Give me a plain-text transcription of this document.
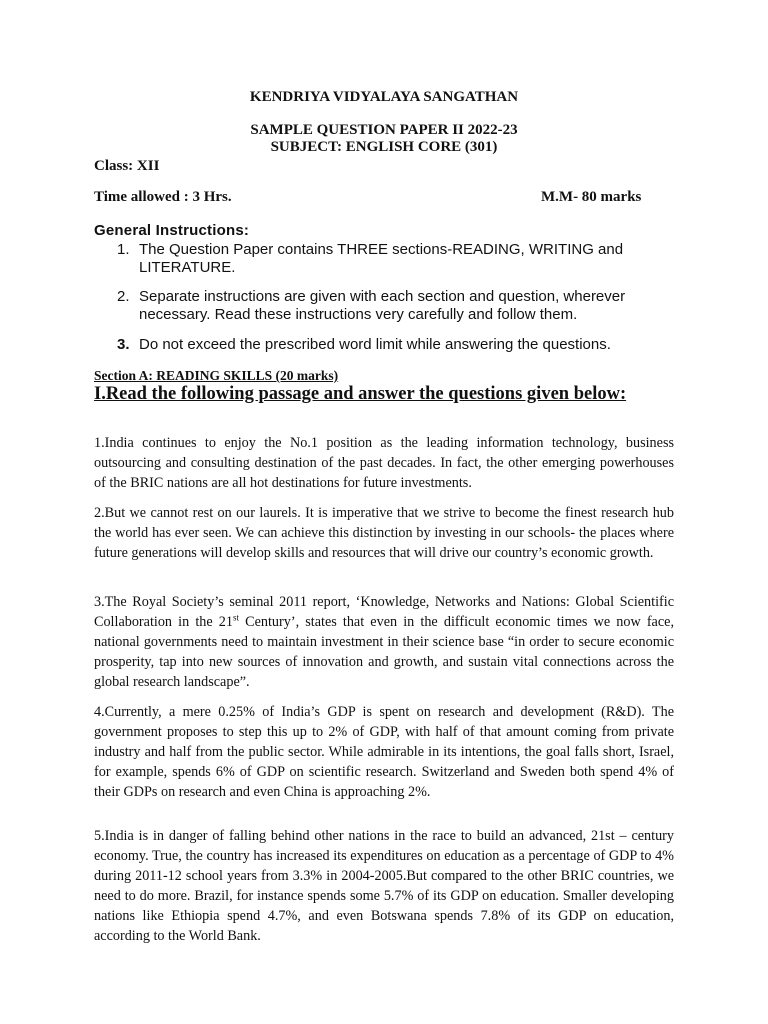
KENDRIYA VIDYALAYA SANGATHAN
SAMPLE QUESTION PAPER II 2022-23
SUBJECT: ENGLISH CORE (301)
Class: XII
Time allowed : 3 Hrs.	M.M- 80 marks
General Instructions:
1. The Question Paper contains THREE sections-READING, WRITING and LITERATURE.
2. Separate instructions are given with each section and question, wherever necessary. Read these instructions very carefully and follow them.
3. Do not exceed the prescribed word limit while answering the questions.
Section A: READING SKILLS (20 marks)
I.Read the following passage and answer the questions given below:

1.India continues to enjoy the No.1 position as the leading information technology, business outsourcing and consulting destination of the past decades. In fact, the other emerging powerhouses of the BRIC nations are all hot destinations for future investments.

2.But we cannot rest on our laurels. It is imperative that we strive to become the finest research hub the world has ever seen. We can achieve this distinction by investing in our schools- the places where future generations will develop skills and resources that will drive our country’s economic growth.

3.The Royal Society’s seminal 2011 report, ‘Knowledge, Networks and Nations: Global Scientific Collaboration in the 21st Century’, states that even in the difficult economic times we now face, national governments need to maintain investment in their science base “in order to secure economic prosperity, tap into new sources of innovation and growth, and sustain vital connections across the global research landscape”.

4.Currently, a mere 0.25% of India’s GDP is spent on research and development (R&D). The government proposes to step this up to 2% of GDP, with half of that amount coming from private industry and half from the public sector. While admirable in its intentions, the goal falls short, Israel, for example, spends 6% of GDP on scientific research. Switzerland and Sweden both spend 4% of their GDPs on research and even China is approaching 2%.

5.India is in danger of falling behind other nations in the race to build an advanced, 21st – century economy. True, the country has increased its expenditures on education as a percentage of GDP to 4% during 2011-12 school years from 3.3% in 2004-2005.But compared to the other BRIC countries, we need to do more. Brazil, for instance spends some 5.7% of its GDP on education. Smaller developing nations like Ethiopia spend 4.7%, and even Botswana spends 7.8% of its GDP on education, according to the World Bank.
